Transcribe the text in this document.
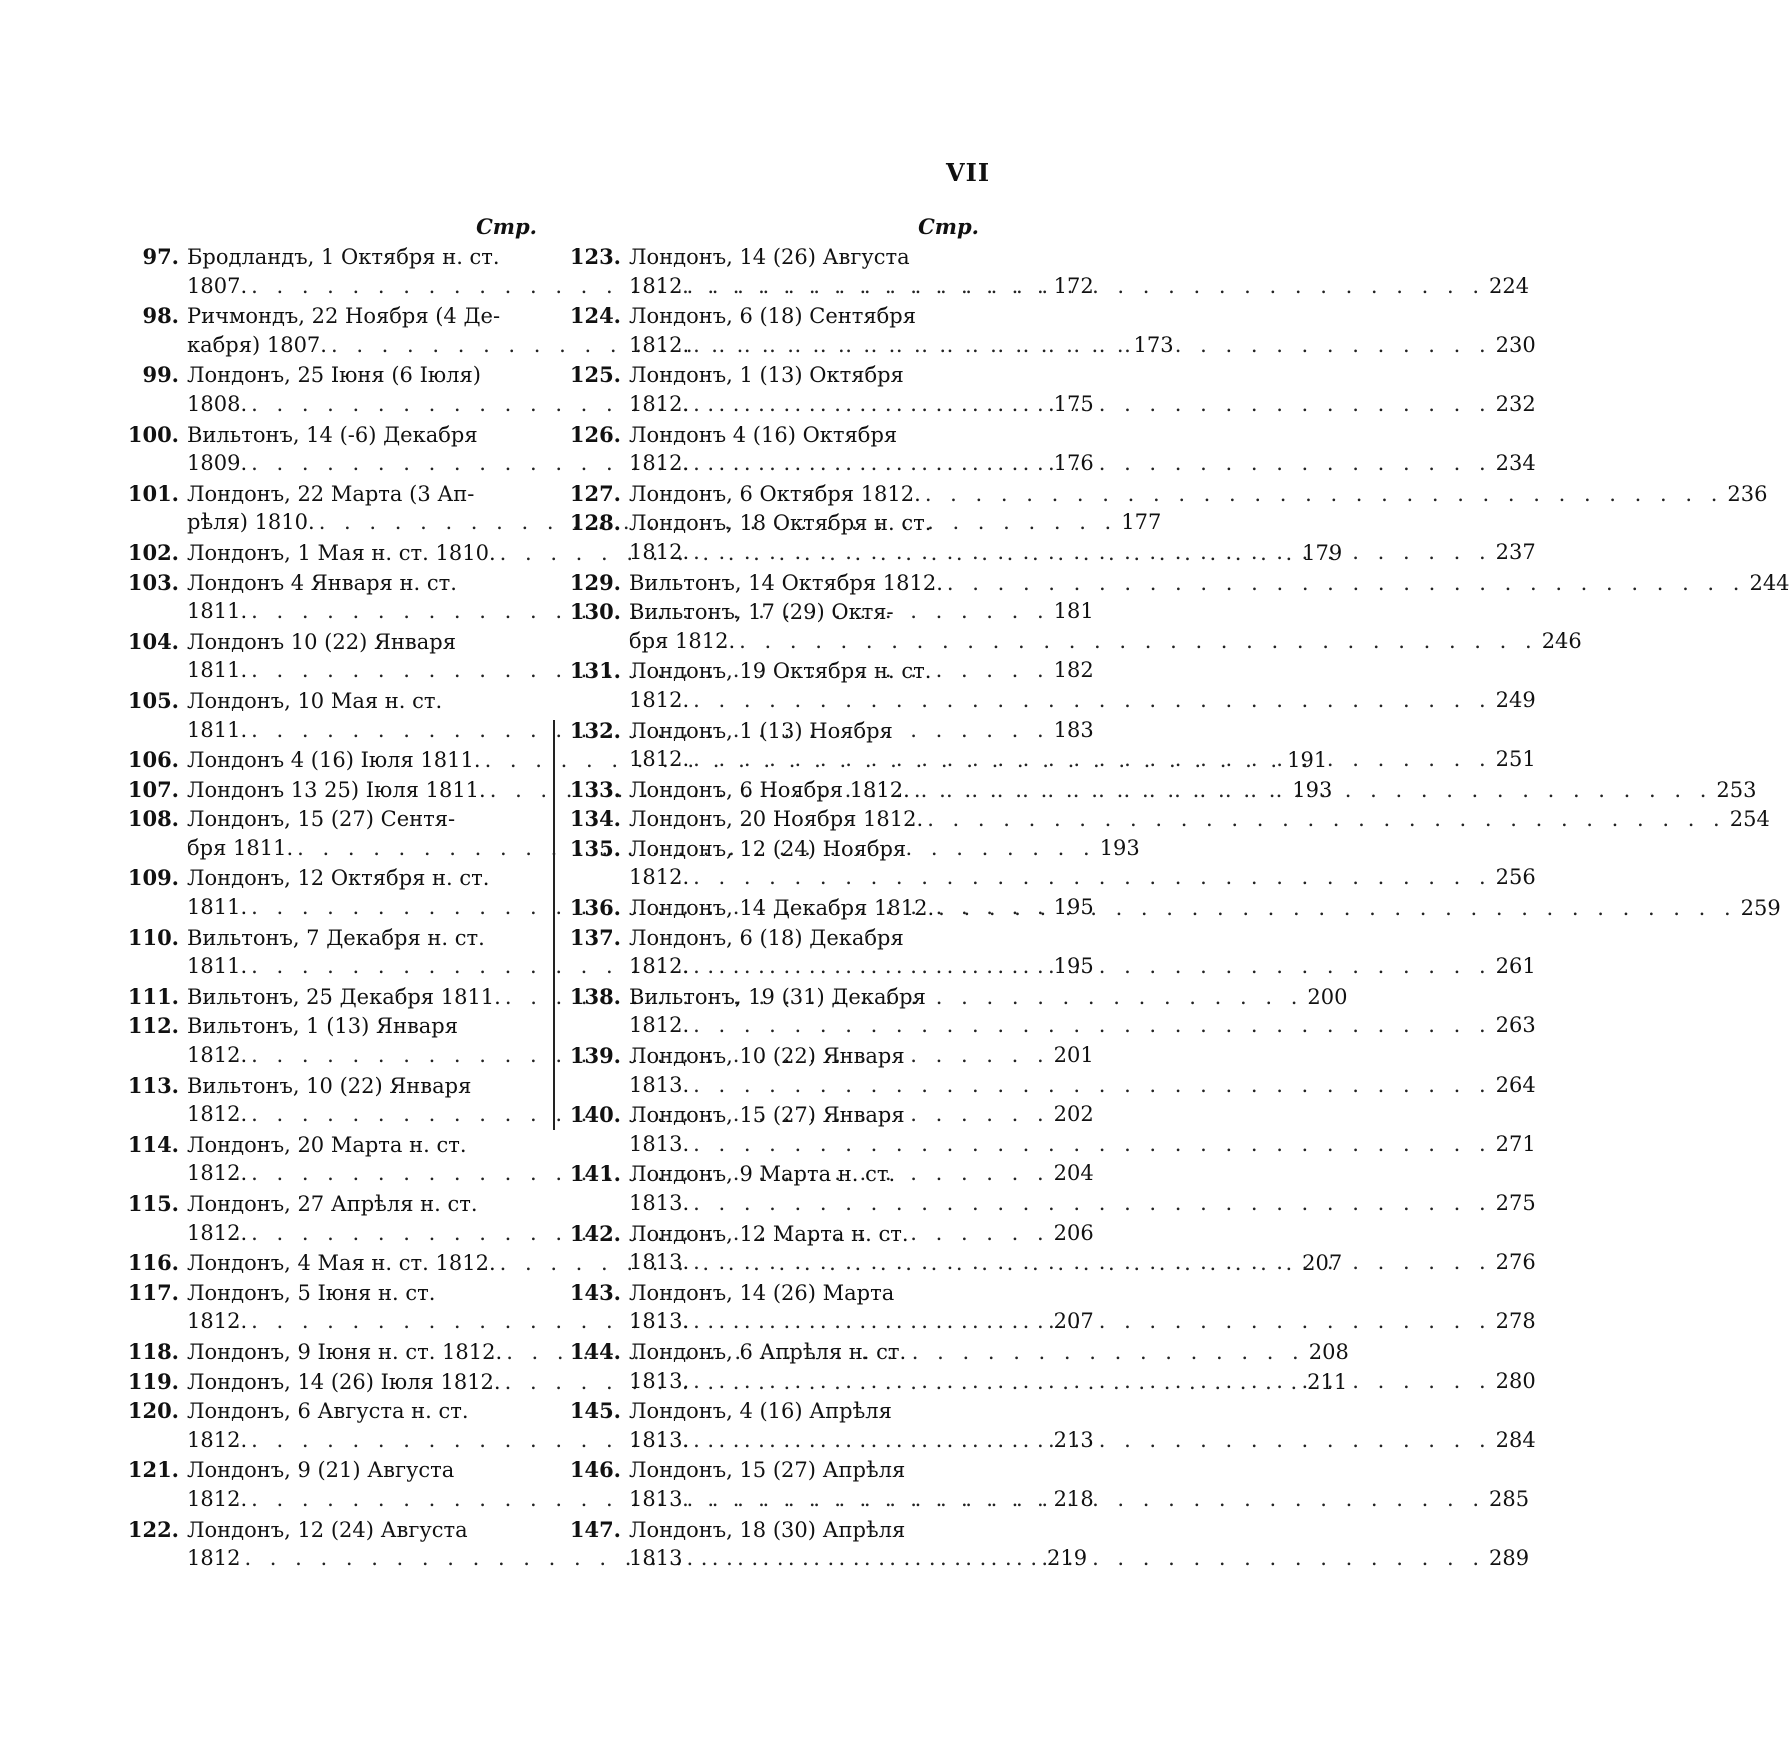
VII
Стр.
97. Бродландъ, 1 Октября н. ст.
1807. . . .	172
98. Ричмондъ, 22 Ноября (4 Де-
кабря) 1807. . . .	173
99. Лондонъ, 25 Іюня (6 Іюля)
1808. . . .	175
100. Вильтонъ, 14 (-6) Декабря
1809. . . .	176
101. Лондонъ, 22 Марта (3 Ап-
рѣля) 1810. . . .	177
102. Лондонъ, 1 Мая н. ст. 1810. . . .	179
103. Лондонъ 4 Января н. ст.
1811. . . .	181
104. Лондонъ 10 (22) Января
1811. . . .	182
105. Лондонъ, 10 Мая н. ст.
1811. . . .	183
106. Лондонъ 4 (16) Іюля 1811. . . .	191
107. Лондонъ 13 25) Іюля 1811. . . .	193
108. Лондонъ, 15 (27) Сентя-
бря 1811. . . .	193
109. Лондонъ, 12 Октября н. ст.
1811. . . .	195
110. Вильтонъ, 7 Декабря н. ст.
1811. . . .	195
111. Вильтонъ, 25 Декабря 1811. . . .	200
112. Вильтонъ, 1 (13) Января
1812. . . .	201
113. Вильтонъ, 10 (22) Января
1812. . . .	202
114. Лондонъ, 20 Марта н. ст.
1812. . . .	204
115. Лондонъ, 27 Апрѣля н. ст.
1812. . . .	206
116. Лондонъ, 4 Мая н. ст. 1812. . . .	207
117. Лондонъ, 5 Іюня н. ст.
1812. . . .	207
118. Лондонъ, 9 Іюня н. ст. 1812. . . .	208
119. Лондонъ, 14 (26) Іюля 1812. . . .	211
120. Лондонъ, 6 Августа н. ст.
1812. . . .	213
121. Лондонъ, 9 (21) Августа
1812. . . .	218
122. Лондонъ, 12 (24) Августа
1812 . . .	219
Стр.
123. Лондонъ, 14 (26) Августа
1812 . . .	224
124. Лондонъ, 6 (18) Сентября
1812. . . .	230
125. Лондонъ, 1 (13) Октября
1812. . . .	232
126. Лондонъ 4 (16) Октября
1812. . . .	234
127. Лондонъ, 6 Октября 1812. . . .	236
128. Лондонъ, 18 Октября н. ст.
1812. . . .	237
129. Вильтонъ, 14 Октября 1812. . . .	244
130. Вильтонъ, 17 (29) Октя-
бря 1812. . . .	246
131. Лондонъ, 19 Октября н. ст.
1812. . . .	249
132. Лондонъ, 1 (13) Ноября
1812. . . .	251
133. Лондонъ, 6 Ноября 1812. . . .	253
134. Лондонъ, 20 Ноября 1812. . . .	254
135. Лондонъ, 12 (24) Ноября
1812. . . .	256
136. Лондонъ, 14 Декабря 1812. . . .	259
137. Лондонъ, 6 (18) Декабря
1812. . . .	261
138. Вильтонъ, 19 (31) Декабря
1812. . . .	263
139. Лондонъ, 10 (22) Января
1813. . . .	264
140. Лондонъ, 15 (27) Января
1813. . . .	271
141. Лондонъ, 9 Марта н. ст.
1813. . . .	275
142. Лондонъ, 12 Марта н. ст.
1813. . . .	276
143. Лондонъ, 14 (26) Марта
1813. . . .	278
144. Лондонъ, 6 Апрѣля н. ст.
1813. . . .	280
145. Лондонъ, 4 (16) Апрѣля
1813. . . .	284
146. Лондонъ, 15 (27) Апрѣля
1813 . . .	285
147. Лондонъ, 18 (30) Апрѣля
1813 . . .	289
